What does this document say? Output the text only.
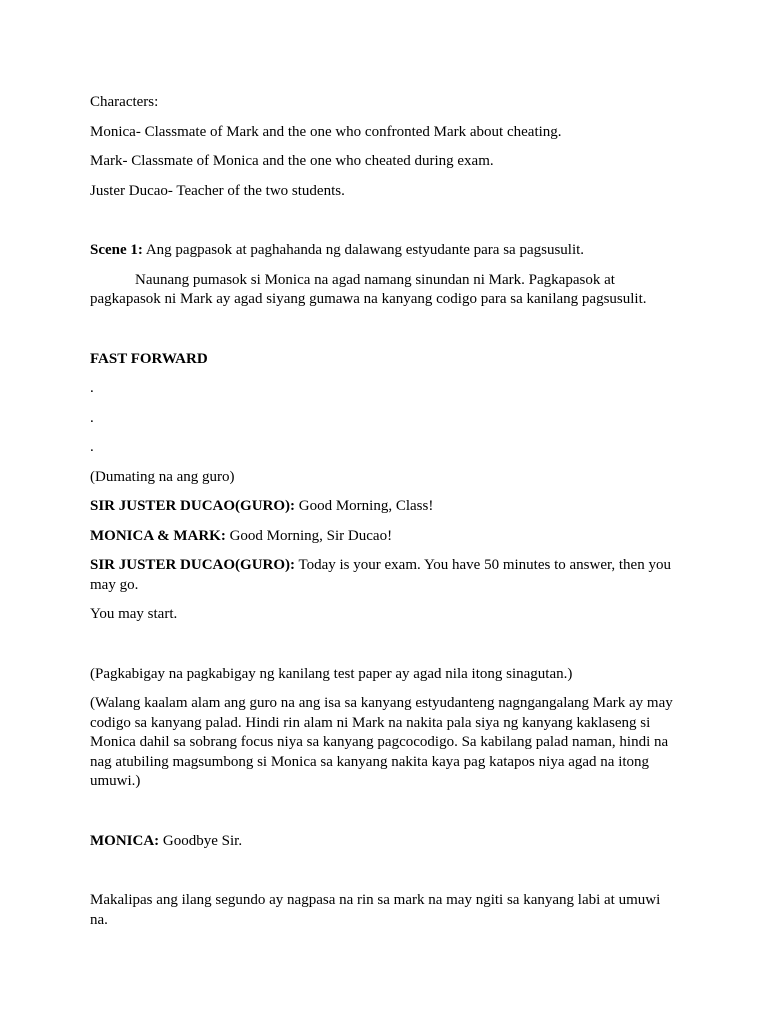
Characters:

Monica- Classmate of Mark and the one who confronted Mark about cheating.

Mark- Classmate of Monica and the one who cheated during exam.

Juster Ducao- Teacher of the two students.

Scene 1: Ang pagpasok at paghahanda ng dalawang estyudante para sa pagsusulit.

Naunang pumasok si Monica na agad namang sinundan ni Mark. Pagkapasok at pagkapasok ni Mark ay agad siyang gumawa na kanyang codigo para sa kanilang pagsusulit.

FAST FORWARD

.

.

.

(Dumating na ang guro)

SIR JUSTER DUCAO(GURO): Good Morning, Class!

MONICA & MARK: Good Morning, Sir Ducao!

SIR JUSTER DUCAO(GURO): Today is your exam. You have 50 minutes to answer, then you may go.

You may start.

(Pagkabigay na pagkabigay ng kanilang test paper ay agad nila itong sinagutan.)

(Walang kaalam alam ang guro na ang isa sa kanyang estyudanteng nagngangalang Mark ay may codigo sa kanyang palad. Hindi rin alam ni Mark na nakita pala siya ng kanyang kaklaseng si Monica dahil sa sobrang focus niya sa kanyang pagcocodigo. Sa kabilang palad naman, hindi na nag atubiling magsumbong si Monica sa kanyang nakita kaya pag katapos niya agad na itong umuwi.)

MONICA: Goodbye Sir.

Makalipas ang ilang segundo ay nagpasa na rin sa mark na may ngiti sa kanyang labi at umuwi na.
